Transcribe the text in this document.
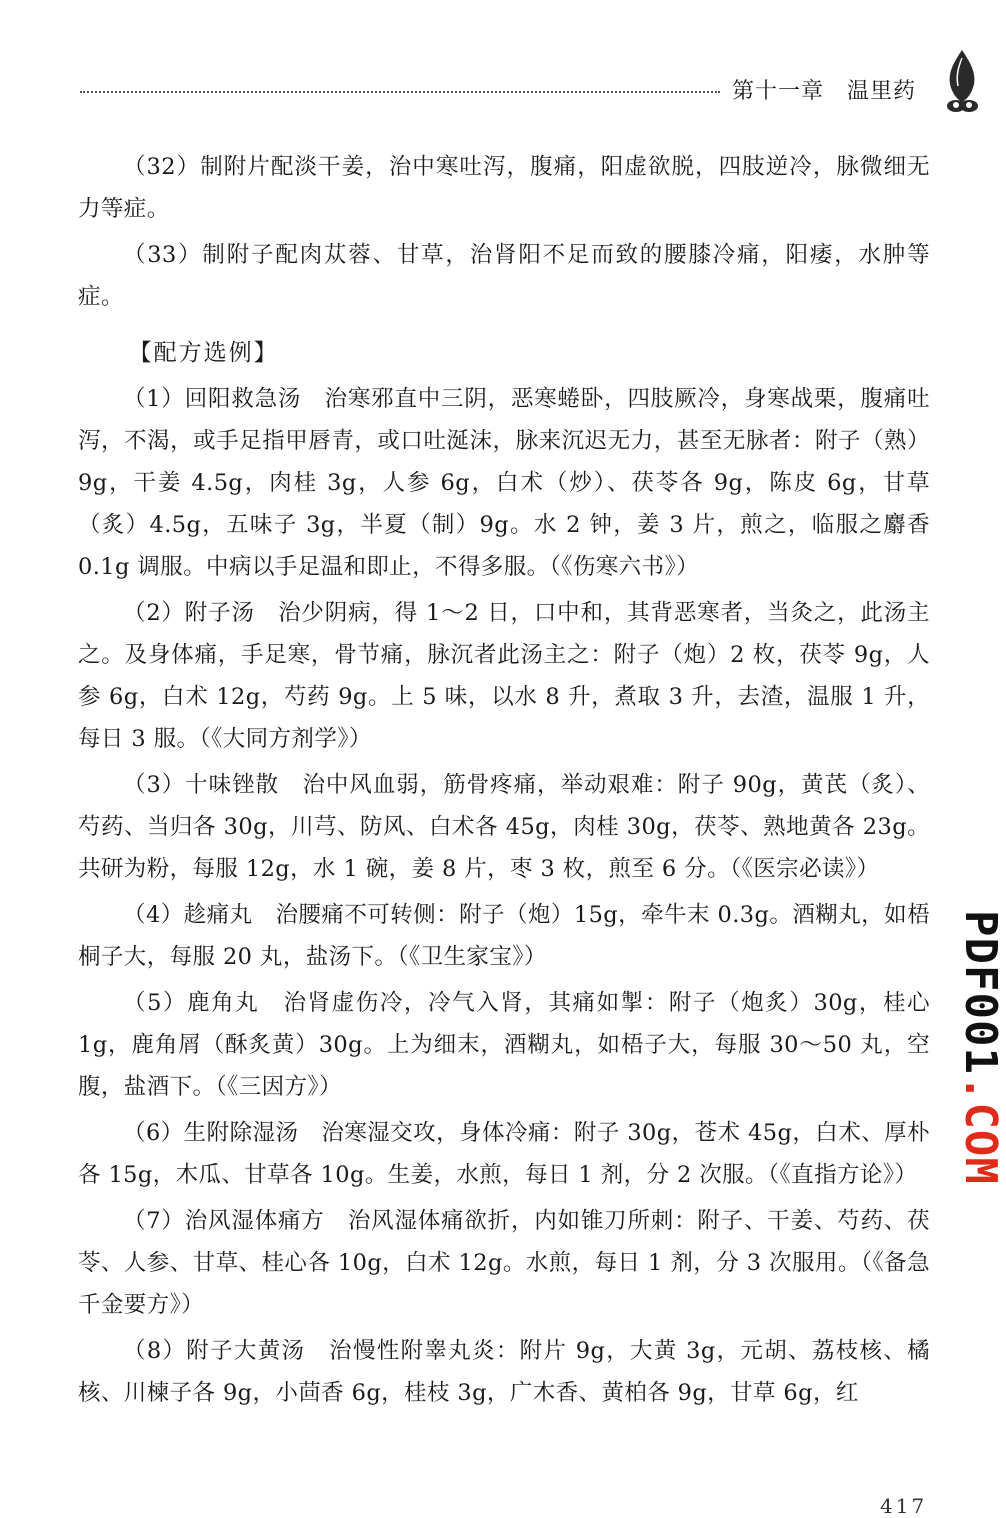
第十一章　温里药

（32）制附片配淡干姜，治中寒吐泻，腹痛，阳虚欲脱，四肢逆冷，脉微细无力等症。

（33）制附子配肉苁蓉、甘草，治肾阳不足而致的腰膝冷痛，阳痿，水肿等症。

【配方选例】

（1）回阳救急汤　治寒邪直中三阴，恶寒蜷卧，四肢厥冷，身寒战栗，腹痛吐泻，不渴，或手足指甲唇青，或口吐涎沫，脉来沉迟无力，甚至无脉者：附子（熟）9g，干姜 4.5g，肉桂 3g，人参 6g，白术（炒）、茯苓各 9g，陈皮 6g，甘草（炙）4.5g，五味子 3g，半夏（制）9g。水 2 钟，姜 3 片，煎之，临服之麝香 0.1g 调服。中病以手足温和即止，不得多服。（《伤寒六书》）

（2）附子汤　治少阴病，得 1～2 日，口中和，其背恶寒者，当灸之，此汤主之。及身体痛，手足寒，骨节痛，脉沉者此汤主之：附子（炮）2 枚，茯苓 9g，人参 6g，白术 12g，芍药 9g。上 5 味，以水 8 升，煮取 3 升，去渣，温服 1 升，每日 3 服。（《大同方剂学》）

（3）十味锉散　治中风血弱，筋骨疼痛，举动艰难：附子 90g，黄芪（炙）、芍药、当归各 30g，川芎、防风、白术各 45g，肉桂 30g，茯苓、熟地黄各 23g。共研为粉，每服 12g，水 1 碗，姜 8 片，枣 3 枚，煎至 6 分。（《医宗必读》）

（4）趁痛丸　治腰痛不可转侧：附子（炮）15g，牵牛末 0.3g。酒糊丸，如梧桐子大，每服 20 丸，盐汤下。（《卫生家宝》）

（5）鹿角丸　治肾虚伤冷，冷气入肾，其痛如掣：附子（炮炙）30g，桂心 1g，鹿角屑（酥炙黄）30g。上为细末，酒糊丸，如梧子大，每服 30～50 丸，空腹，盐酒下。（《三因方》）

（6）生附除湿汤　治寒湿交攻，身体冷痛：附子 30g，苍术 45g，白术、厚朴各 15g，木瓜、甘草各 10g。生姜，水煎，每日 1 剂，分 2 次服。（《直指方论》）

（7）治风湿体痛方　治风湿体痛欲折，内如锥刀所刺：附子、干姜、芍药、茯苓、人参、甘草、桂心各 10g，白术 12g。水煎，每日 1 剂，分 3 次服用。（《备急千金要方》）

（8）附子大黄汤　治慢性附睾丸炎：附片 9g，大黄 3g，元胡、荔枝核、橘核、川楝子各 9g，小茴香 6g，桂枝 3g，广木香、黄柏各 9g，甘草 6g，红

PDF001.COM
417
